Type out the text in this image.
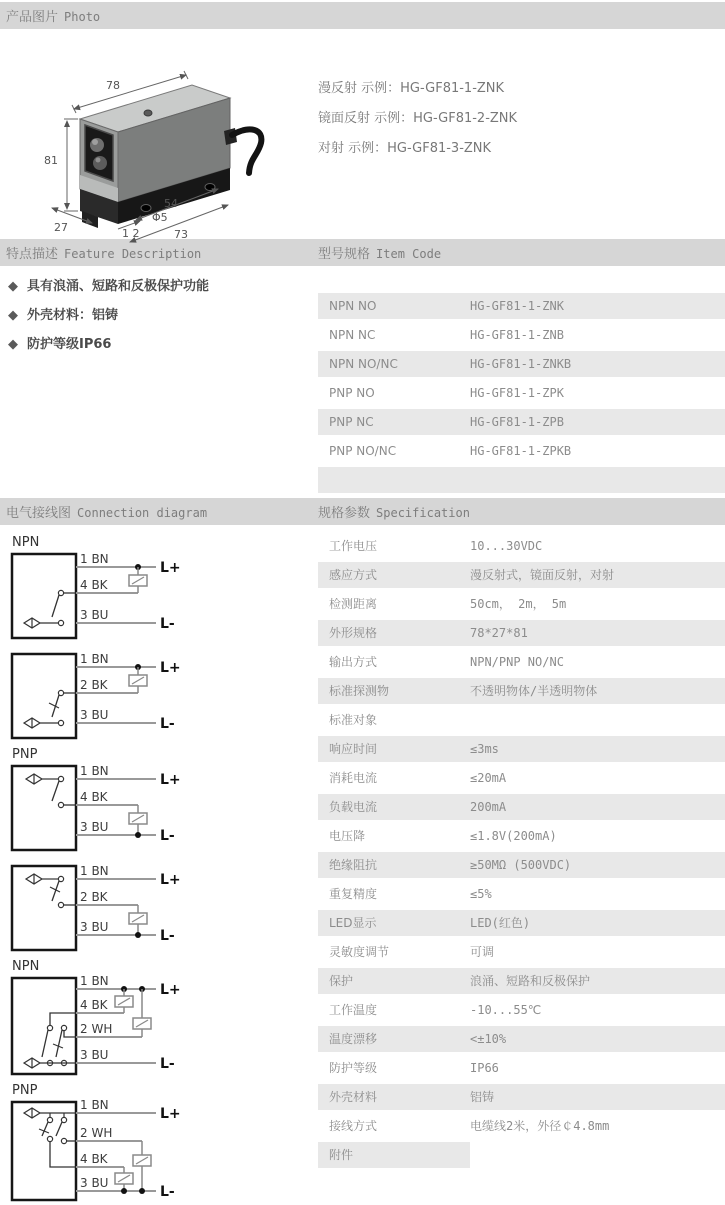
产品图片 Photo
78
81
27
54
Φ5
1 2	73
漫反射 示例：HG-GF81-1-ZNK
镜面反射 示例：HG-GF81-2-ZNK
对射 示例：HG-GF81-3-ZNK
特点描述 Feature Description	型号规格 Item Code
◆ 具有浪涌、短路和反极保护功能
◆ 外壳材料：铝铸
◆ 防护等级IP66
NPN NO	HG-GF81-1-ZNK
NPN NC	HG-GF81-1-ZNB
NPN NO/NC	HG-GF81-1-ZNKB
PNP NO	HG-GF81-1-ZPK
PNP NC	HG-GF81-1-ZPB
PNP NO/NC	HG-GF81-1-ZPKB
电气接线图 Connection diagram	规格参数 Specification
NPN
1 BN
4 BK
3 BU
L+
L-
1 BN
2 BK
3 BU
L+
L-
PNP
1 BN
4 BK
3 BU
L+
L-
1 BN
2 BK
3 BU
L+
L-
NPN
1 BN
4 BK
2 WH
3 BU
L+
L-
PNP
1 BN
2 WH
4 BK
3 BU
L+
L-
工作电压	10...30VDC
感应方式	漫反射式，镜面反射，对射
检测距离	50cm， 2m， 5m
外形规格	78*27*81
输出方式	NPN/PNP NO/NC
标准探测物	不透明物体/半透明物体
标准对象
响应时间	≤3ms
消耗电流	≤20mA
负载电流	200mA
电压降	≤1.8V(200mA)
绝缘阻抗	≥50MΩ (500VDC)
重复精度	≤5%
LED显示	LED(红色)
灵敏度调节	可调
保护	浪涌、短路和反极保护
工作温度	-10...55℃
温度漂移	<±10%
防护等级	IP66
外壳材料	铝铸
接线方式	电缆线2米，外径￠4.8mm
附件
